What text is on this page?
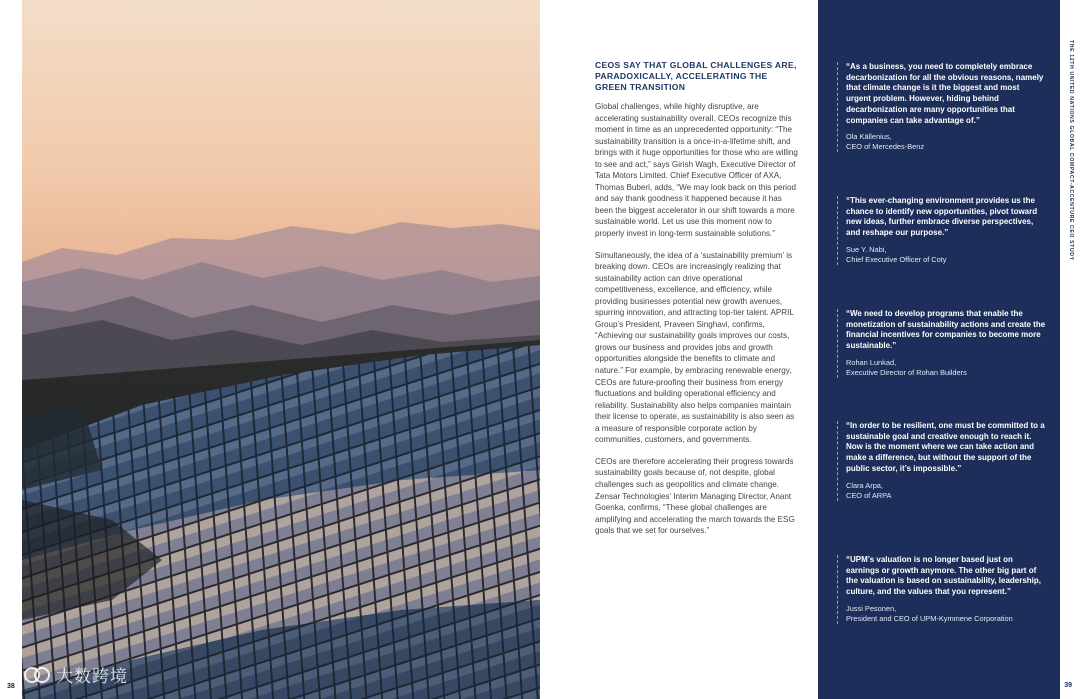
大数跨境
38
CEOS SAY THAT GLOBAL CHALLENGES ARE, PARADOXICALLY, ACCELERATING THE GREEN TRANSITION

Global challenges, while highly disruptive, are accelerating sustainability overall. CEOs recognize this moment in time as an unprecedented opportunity: “The sustainability transition is a once-in-a-lifetime shift, and brings with it huge opportunities for those who are willing to see and act,” says Girish Wagh, Executive Director of Tata Motors Limited. Chief Executive Officer of AXA, Thomas Buberl, adds, “We may look back on this period and say thank goodness it happened because it has been the biggest accelerator in our shift towards a more sustainable world. Let us use this moment now to properly invest in long-term sustainable solutions.”

Simultaneously, the idea of a ‘sustainability premium’ is breaking down. CEOs are increasingly realizing that sustainability action can drive operational competitiveness, excellence, and efficiency, while providing businesses potential new growth avenues, spurring innovation, and attracting top-tier talent. APRIL Group’s President, Praveen Singhavi, confirms, “Achieving our sustainability goals improves our costs, grows our business and provides jobs and growth opportunities alongside the benefits to climate and nature.” For example, by embracing renewable energy, CEOs are future-proofing their business from energy fluctuations and building operational efficiency and reliability. Sustainability also helps companies maintain their license to operate, as sustainability is also seen as a measure of responsible corporate action by communities, customers, and governments.

CEOs are therefore accelerating their progress towards sustainability goals because of, not despite, global challenges such as geopolitics and climate change. Zensar Technologies’ Interim Managing Director, Anant Goenka, confirms, “These global challenges are amplifying and accelerating the march towards the ESG goals that we set for ourselves.”

“As a business, you need to completely embrace decarbonization for all the obvious reasons, namely that climate change is it the biggest and most urgent problem. However, hiding behind decarbonization are many opportunities that companies can take advantage of.”

Ola Källenius,
CEO of Mercedes-Benz

“This ever-changing environment provides us the chance to identify new opportunities, pivot toward new ideas, further embrace diverse perspectives, and reshape our purpose.”

Sue Y. Nabi,
Chief Executive Officer of Coty

“We need to develop programs that enable the monetization of sustainability actions and create the financial incentives for companies to become more sustainable.”

Rohan Lunkad,
Executive Director of Rohan Builders

“In order to be resilient, one must be committed to a sustainable goal and creative enough to reach it. Now is the moment where we can take action and make a difference, but without the support of the public sector, it’s impossible.”

Clara Arpa,
CEO of ARPA

“UPM’s valuation is no longer based just on earnings or growth anymore. The other big part of the valuation is based on sustainability, leadership, culture, and the values that you represent.”

Jussi Pesonen,
President and CEO of UPM-Kymmene Corporation
THE 12TH UNITED NATIONS GLOBAL COMPACT-ACCENTURE CEO STUDY
39
